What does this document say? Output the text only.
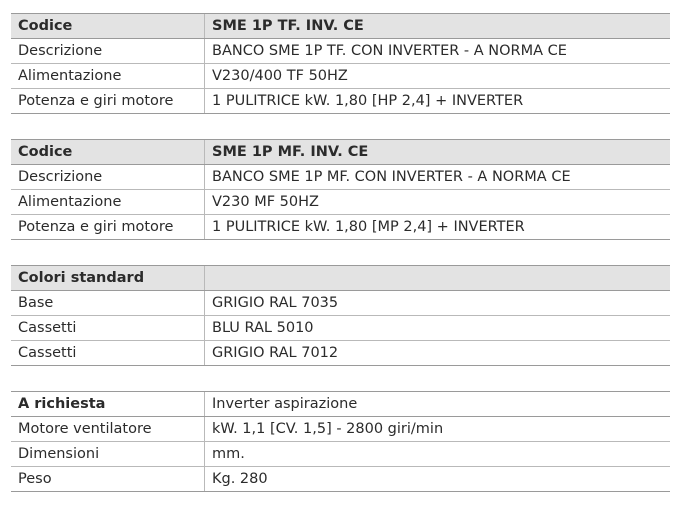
Codice	SME 1P TF. INV. CE
Descrizione	BANCO SME 1P TF. CON INVERTER - A NORMA CE
Alimentazione	V230/400 TF 50HZ
Potenza e giri motore	1 PULITRICE kW. 1,80 [HP 2,4] + INVERTER
Codice	SME 1P MF. INV. CE
Descrizione	BANCO SME 1P MF. CON INVERTER - A NORMA CE
Alimentazione	V230 MF 50HZ
Potenza e giri motore	1 PULITRICE kW. 1,80 [MP 2,4] + INVERTER
Colori standard	
Base	GRIGIO RAL 7035
Cassetti	BLU RAL 5010
Cassetti	GRIGIO RAL 7012
A richiesta	Inverter aspirazione
Motore ventilatore	kW. 1,1 [CV. 1,5] - 2800 giri/min
Dimensioni	mm.
Peso	Kg. 280
